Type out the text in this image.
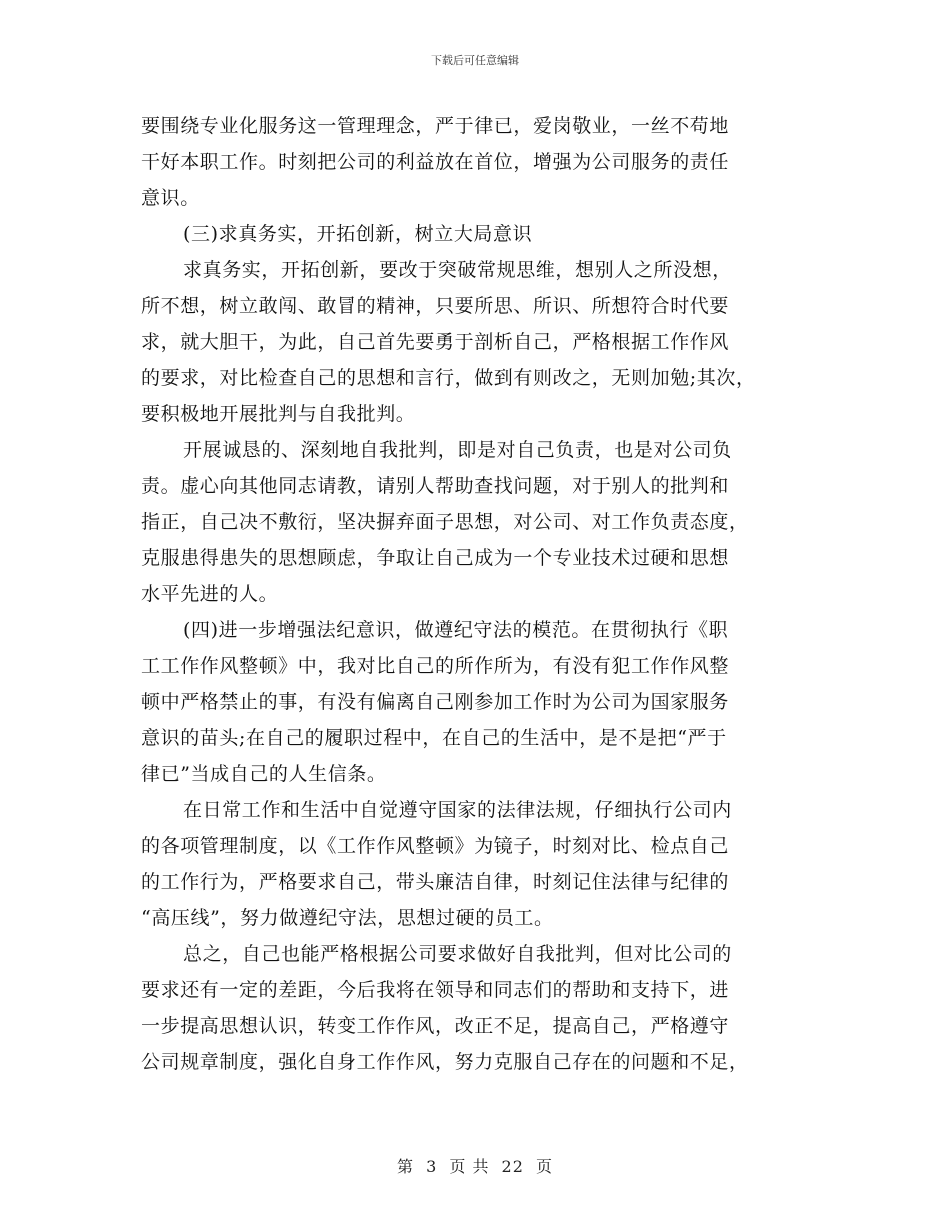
下载后可任意编辑
要围绕专业化服务这一管理理念，严于律已，爱岗敬业，一丝不苟地
干好本职工作。时刻把公司的利益放在首位，增强为公司服务的责任
意识。
(三)求真务实，开拓创新，树立大局意识
求真务实，开拓创新，要改于突破常规思维，想别人之所没想，
所不想，树立敢闯、敢冒的精神，只要所思、所识、所想符合时代要
求，就大胆干，为此，自己首先要勇于剖析自己，严格根据工作作风
的要求，对比检查自己的思想和言行，做到有则改之，无则加勉;其次，
要积极地开展批判与自我批判。
开展诚恳的、深刻地自我批判，即是对自己负责，也是对公司负
责。虚心向其他同志请教，请别人帮助查找问题，对于别人的批判和
指正，自己决不敷衍，坚决摒弃面子思想，对公司、对工作负责态度，
克服患得患失的思想顾虑，争取让自己成为一个专业技术过硬和思想
水平先进的人。
(四)进一步增强法纪意识，做遵纪守法的模范。在贯彻执行《职
工工作作风整顿》中，我对比自己的所作所为，有没有犯工作作风整
顿中严格禁止的事，有没有偏离自己刚参加工作时为公司为国家服务
意识的苗头;在自己的履职过程中，在自己的生活中，是不是把“严于
律已”当成自己的人生信条。
在日常工作和生活中自觉遵守国家的法律法规，仔细执行公司内
的各项管理制度，以《工作作风整顿》为镜子，时刻对比、检点自己
的工作行为，严格要求自己，带头廉洁自律，时刻记住法律与纪律的
“高压线”，努力做遵纪守法，思想过硬的员工。
总之，自己也能严格根据公司要求做好自我批判，但对比公司的
要求还有一定的差距，今后我将在领导和同志们的帮助和支持下，进
一步提高思想认识，转变工作作风，改正不足，提高自己，严格遵守
公司规章制度，强化自身工作作风，努力克服自己存在的问题和不足，
第 3 页 共 22 页
